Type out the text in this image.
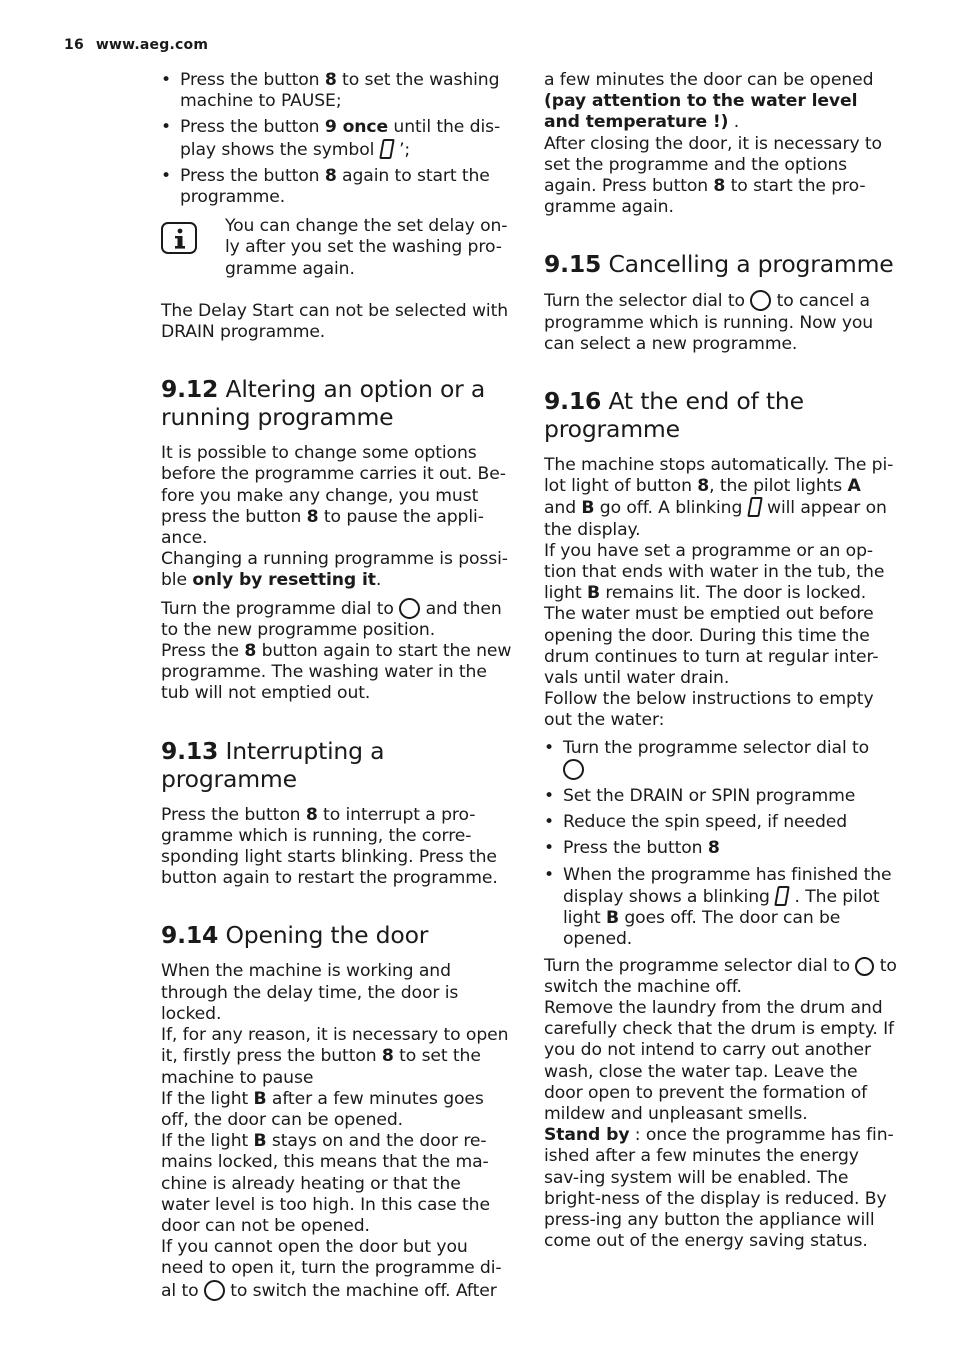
16 www.aeg.com
• Press the button 8 to set the washing machine to PAUSE;
• Press the button 9 once until the dis-play shows the symbol  ’;
• Press the button 8 again to start the programme.

You can change the set delay on-ly after you set the washing pro-gramme again.

The Delay Start can not be selected with DRAIN programme.

9.12 Altering an option or a running programme

It is possible to change some options before the programme carries it out. Be-fore you make any change, you must press the button 8 to pause the appli-ance.

Changing a running programme is possi-ble only by resetting it.

Turn the programme dial to  and then to the new programme position.

Press the 8 button again to start the new programme. The washing water in the tub will not emptied out.

9.13 Interrupting a programme

Press the button 8 to interrupt a pro-gramme which is running, the corre-sponding light starts blinking. Press the button again to restart the programme.

9.14 Opening the door

When the machine is working and through the delay time, the door is locked.

If, for any reason, it is necessary to open it, firstly press the button 8 to set the machine to pause

If the light B after a few minutes goes off, the door can be opened.

If the light B stays on and the door re-mains locked, this means that the ma-chine is already heating or that the water level is too high. In this case the door can not be opened.

If you cannot open the door but you need to open it, turn the programme di-al to  to switch the machine off. After

a few minutes the door can be opened (pay attention to the water level and temperature !) .

After closing the door, it is necessary to set the programme and the options again. Press button 8 to start the pro-gramme again.

9.15 Cancelling a programme

Turn the selector dial to  to cancel a programme which is running. Now you can select a new programme.

9.16 At the end of the programme

The machine stops automatically. The pi-lot light of button 8, the pilot lights A and B go off. A blinking  will appear on the display.

If you have set a programme or an op-tion that ends with water in the tub, the light B remains lit. The door is locked. The water must be emptied out before opening the door. During this time the drum continues to turn at regular inter-vals until water drain.

Follow the below instructions to empty out the water:

• Turn the programme selector dial to

• Set the DRAIN or SPIN programme
• Reduce the spin speed, if needed
• Press the button 8
• When the programme has finished the display shows a blinking  . The pilot light B goes off. The door can be opened.

Turn the programme selector dial to  to switch the machine off.

Remove the laundry from the drum and carefully check that the drum is empty. If you do not intend to carry out another wash, close the water tap. Leave the door open to prevent the formation of mildew and unpleasant smells.

Stand by : once the programme has fin-ished after a few minutes the energy sav-ing system will be enabled. The bright-ness of the display is reduced. By press-ing any button the appliance will come out of the energy saving status.
